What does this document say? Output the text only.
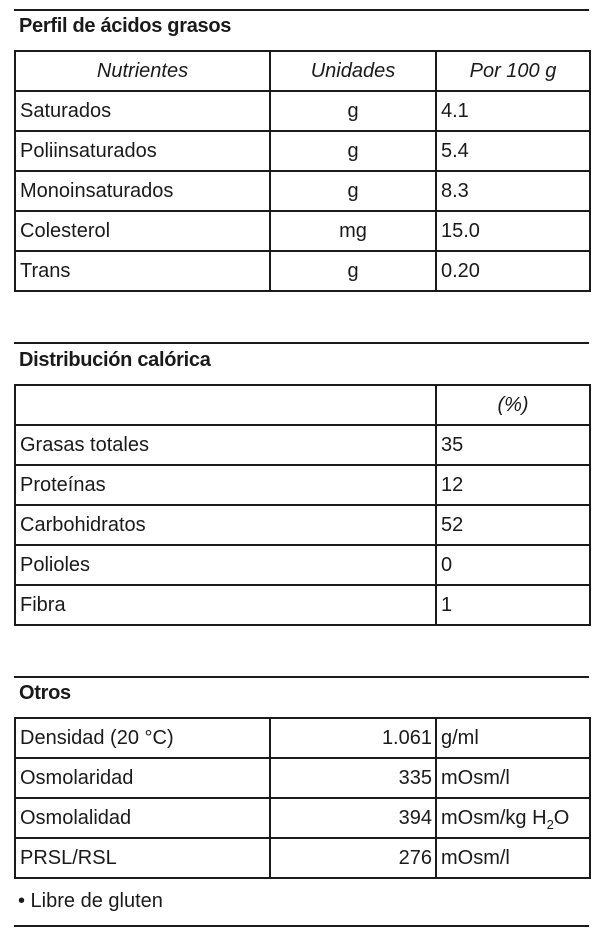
Perfil de ácidos grasos
Nutrientes	Unidades	Por 100 g
Saturados	g	4.1
Poliinsaturados	g	5.4
Monoinsaturados	g	8.3
Colesterol	mg	15.0
Trans	g	0.20
Distribución calórica
	(%)
Grasas totales	35
Proteínas	12
Carbohidratos	52
Polioles	0
Fibra	1
Otros
Densidad (20 °C)	1.061	g/ml
Osmolaridad	335	mOsm/l
Osmolalidad	394	mOsm/kg $H_2O$
PRSL/RSL	276	mOsm/l
• Libre de gluten
